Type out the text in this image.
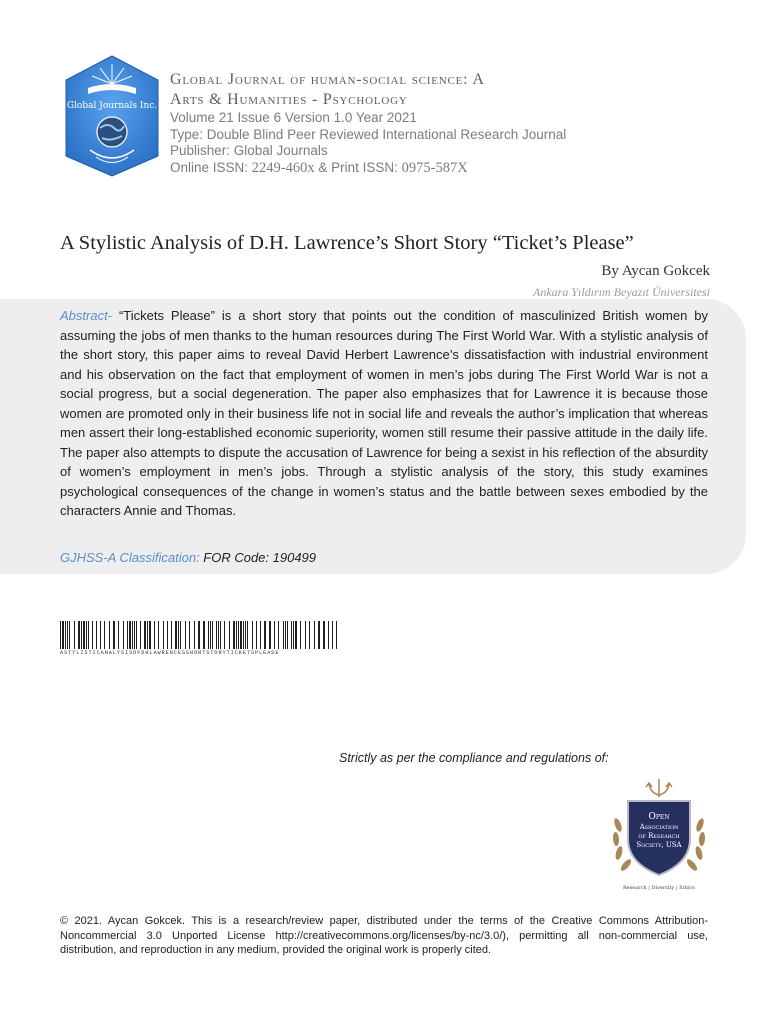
Global Journals Inc.
Global Journal of human-social science: A
Arts & Humanities - Psychology
Volume 21 Issue 6 Version 1.0 Year 2021
Type: Double Blind Peer Reviewed International Research Journal
Publisher: Global Journals
Online ISSN: 2249-460x & Print ISSN: 0975-587X
A Stylistic Analysis of D.H. Lawrence’s Short Story “Ticket’s Please”
By Aycan Gokcek
Ankara Yıldırım Beyazıt Üniversitesi
Abstract- “Tickets Please” is a short story that points out the condition of masculinized British women by assuming the jobs of men thanks to the human resources during The First World War. With a stylistic analysis of the short story, this paper aims to reveal David Herbert Lawrence’s dissatisfaction with industrial environment and his observation on the fact that employment of women in men’s jobs during The First World War is not a social progress, but a social degeneration. The paper also emphasizes that for Lawrence it is because those women are promoted only in their business life not in social life and reveals the author’s implication that whereas men assert their long-established economic superiority, women still resume their passive attitude in the daily life. The paper also attempts to dispute the accusation of Lawrence for being a sexist in his reflection of the absurdity of women’s employment in men’s jobs. Through a stylistic analysis of the story, this study examines psychological consequences of the change in women’s status and the battle between sexes embodied by the characters Annie and Thomas.
GJHSS-A Classification: FOR Code: 190499
ASTYLISTICANALYSISOFDHLAWRENCESSHORTSTORYTICKETSPLEASE
Strictly as per the compliance and regulations of:
Open
Association
of Research
Society, USA
Research | Diversity | Ethics
© 2021. Aycan Gokcek. This is a research/review paper, distributed under the terms of the Creative Commons Attribution-Noncommercial 3.0 Unported License http://creativecommons.org/licenses/by-nc/3.0/), permitting all non-commercial use, distribution, and reproduction in any medium, provided the original work is properly cited.
